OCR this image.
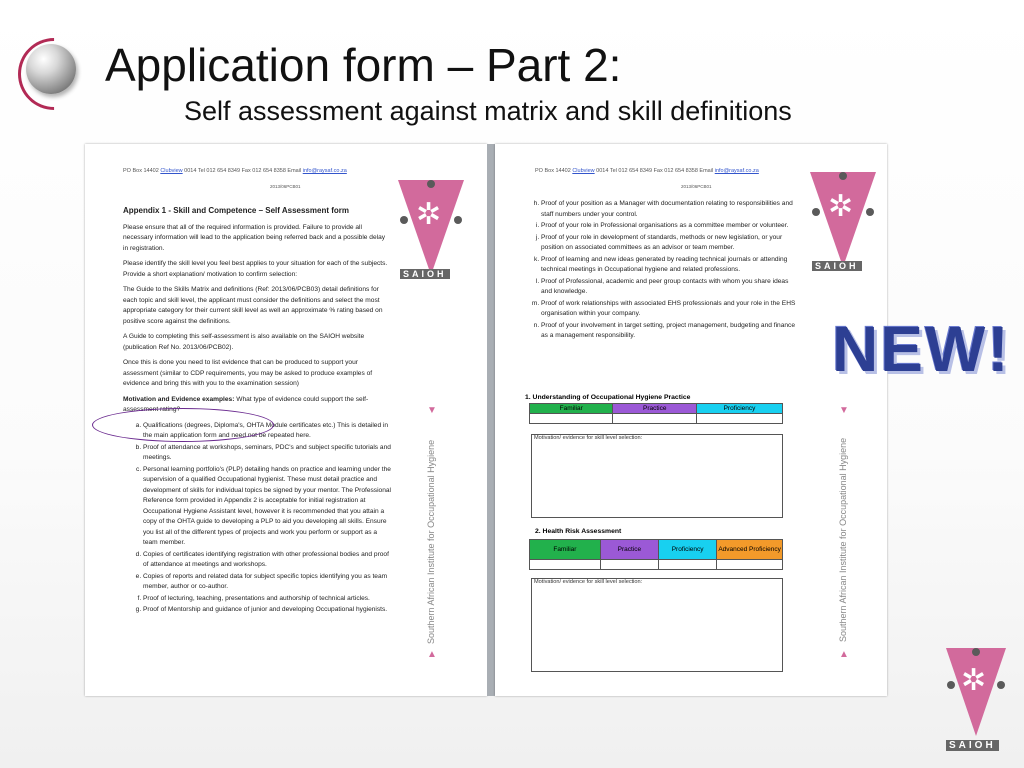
Application form – Part 2:
Self assessment against matrix and skill definitions
PO Box 14402 Clubview 0014 Tel 012 654 8349 Fax 012 654 8358 Email info@raysaf.co.za
2013/06PCB01
Appendix 1 - Skill and Competence – Self Assessment form

Please ensure that all of the required information is provided. Failure to provide all necessary information will lead to the application being referred back and a possible delay in registration.

Please identify the skill level you feel best applies to your situation for each of the subjects. Provide a short explanation/ motivation to confirm selection:

The Guide to the Skills Matrix and definitions (Ref: 2013/06/PCB03) detail definitions for each topic and skill level, the applicant must consider the definitions and select the most appropriate category for their current skill level as well an approximate % rating based on positive score against the definitions.

A Guide to completing this self-assessment is also available on the SAIOH website (publication Ref No. 2013/06/PCB02).

Once this is done you need to list evidence that can be produced to support your assessment (similar to CDP requirements, you may be asked to produce examples of evidence and bring this with you to the examination session)

Motivation and Evidence examples: What type of evidence could support the self-assessment rating?

a. Qualifications (degrees, Diploma's, OHTA Module certificates etc.) This is detailed in the main application form and need not be repeated here.
b. Proof of attendance at workshops, seminars, PDC's and subject specific tutorials and meetings.
c. Personal learning portfolio's (PLP) detailing hands on practice and learning under the supervision of a qualified Occupational hygienist. These must detail practice and development of skills for individual topics be signed by your mentor. The Professional Reference form provided in Appendix 2 is acceptable for initial registration at Occupational Hygiene Assistant level, however it is recommended that you attain a copy of the OHTA guide to developing a PLP to aid you developing all skills. Ensure you list all of the different types of projects and work you perform or support as a team member.
d. Copies of certificates identifying registration with other professional bodies and proof of attendance at meetings and workshops.
e. Copies of reports and related data for subject specific topics identifying you as team member, author or co-author.
f. Proof of lecturing, teaching, presentations and authorship of technical articles.
g. Proof of Mentorship and guidance of junior and developing Occupational hygienists.
✲
SAIOH
▼
Southern African Institute for Occupational Hygiene
▲
PO Box 14402 Clubview 0014 Tel 012 654 8349 Fax 012 654 8358 Email info@raysaf.co.za
2013/06PCB01
h. Proof of your position as a Manager with documentation relating to responsibilities and staff numbers under your control.
i. Proof of your role in Professional organisations as a committee member or volunteer.
j. Proof of your role in development of standards, methods or new legislation, or your position on associated committees as an advisor or team member.
k. Proof of learning and new ideas generated by reading technical journals or attending technical meetings in Occupational hygiene and related professions.
l. Proof of Professional, academic and peer group contacts with whom you share ideas and knowledge.
m. Proof of work relationships with associated EHS professionals and your role in the EHS organisation within your company.
n. Proof of your involvement in target setting, project management, budgeting and finance as a management responsibility.
1. Understanding of Occupational Hygiene Practice
Familiar	Practice	Proficiency

Motivation/ evidence for skill level selection:
2. Health Risk Assessment
Familiar	Practice	Proficiency	Advanced Proficiency

Motivation/ evidence for skill level selection:
✲
SAIOH
▼
Southern African Institute for Occupational Hygiene
▲
NEW!
✲
SAIOH
